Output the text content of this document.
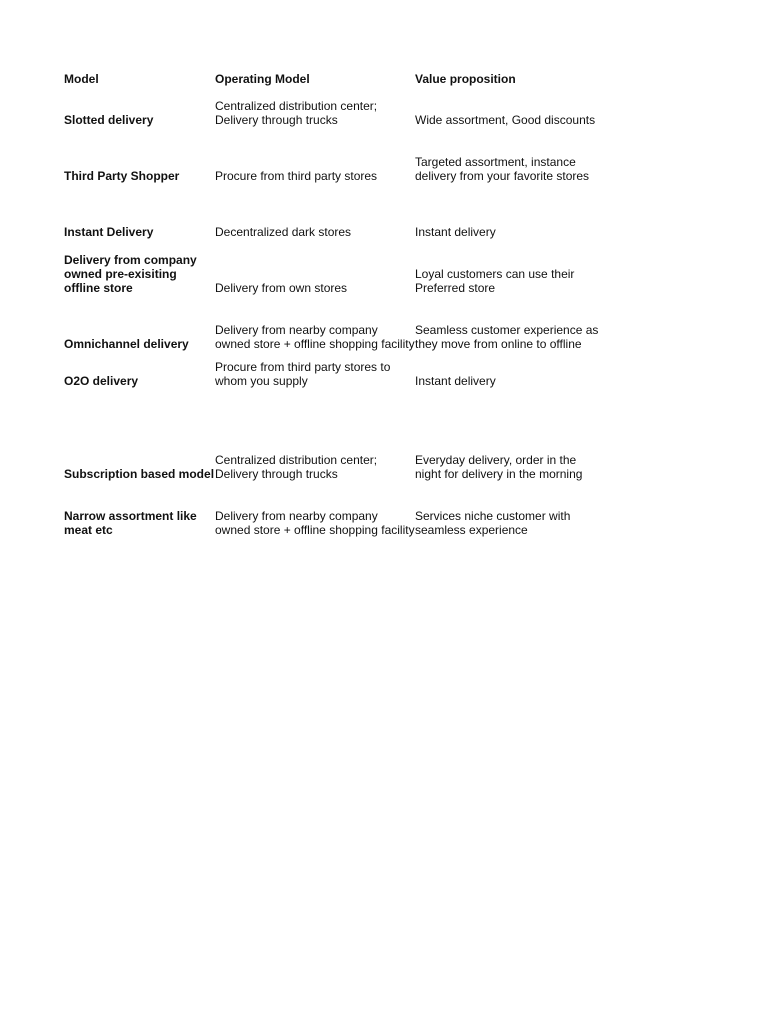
Model	Operating Model	Value proposition
Slotted delivery	Centralized distribution center; Delivery through trucks	Wide assortment, Good discounts
Third Party Shopper	Procure from third party stores	Targeted assortment, instance delivery from your favorite stores
Instant Delivery	Decentralized dark stores	Instant delivery
Delivery from company owned pre-exisiting offline store	Delivery from own stores	Loyal customers can use their Preferred store
Omnichannel delivery	Delivery from nearby company owned store + offline shopping facility	Seamless customer experience as they move from online to offline
O2O delivery	Procure from third party stores to whom you supply	Instant delivery
Subscription based model	Centralized distribution center; Delivery through trucks	Everyday delivery, order in the night for delivery in the morning
Narrow assortment like meat etc	Delivery from nearby company owned store + offline shopping facility	Services niche customer with seamless experience
